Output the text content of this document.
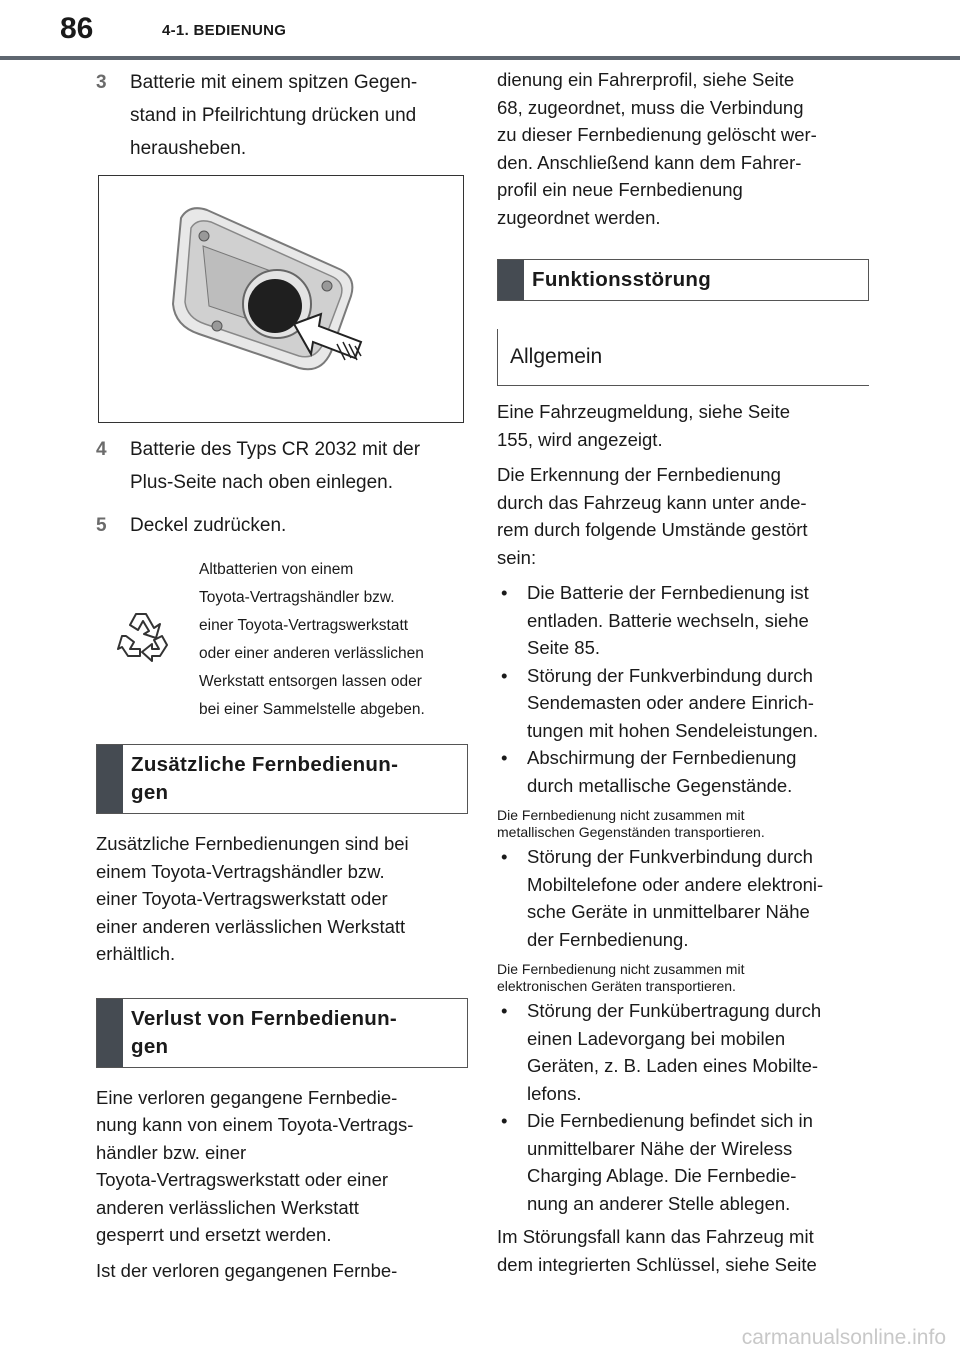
86	4-1. BEDIENUNG
3	Batterie mit einem spitzen Gegen-
stand in Pfeilrichtung drücken und
herausheben.
4	Batterie des Typs CR 2032 mit der
Plus-Seite nach oben einlegen.
5	Deckel zudrücken.
Altbatterien von einem
Toyota-Vertragshändler bzw.
einer Toyota-Vertragswerkstatt
oder einer anderen verlässlichen
Werkstatt entsorgen lassen oder
bei einer Sammelstelle abgeben.
Zusätzliche Fernbedienun-
gen
Zusätzliche Fernbedienungen sind bei
einem Toyota-Vertragshändler bzw.
einer Toyota-Vertragswerkstatt oder
einer anderen verlässlichen Werkstatt
erhältlich.
Verlust von Fernbedienun-
gen
Eine verloren gegangene Fernbedie-
nung kann von einem Toyota-Vertrags-
händler bzw. einer
Toyota-Vertragswerkstatt oder einer
anderen verlässlichen Werkstatt
gesperrt und ersetzt werden.
Ist der verloren gegangenen Fernbe-
dienung ein Fahrerprofil, siehe Seite
68, zugeordnet, muss die Verbindung
zu dieser Fernbedienung gelöscht wer-
den. Anschließend kann dem Fahrer-
profil ein neue Fernbedienung
zugeordnet werden.
Funktionsstörung
Allgemein
Eine Fahrzeugmeldung, siehe Seite
155, wird angezeigt.
Die Erkennung der Fernbedienung
durch das Fahrzeug kann unter ande-
rem durch folgende Umstände gestört
sein:
•	Die Batterie der Fernbedienung ist
entladen. Batterie wechseln, siehe
Seite 85.
•	Störung der Funkverbindung durch
Sendemasten oder andere Einrich-
tungen mit hohen Sendeleistungen.
•	Abschirmung der Fernbedienung
durch metallische Gegenstände.
Die Fernbedienung nicht zusammen mit
metallischen Gegenständen transportieren.
•	Störung der Funkverbindung durch
Mobiltelefone oder andere elektroni-
sche Geräte in unmittelbarer Nähe
der Fernbedienung.
Die Fernbedienung nicht zusammen mit
elektronischen Geräten transportieren.
•	Störung der Funkübertragung durch
einen Ladevorgang bei mobilen
Geräten, z. B. Laden eines Mobilte-
lefons.
•	Die Fernbedienung befindet sich in
unmittelbarer Nähe der Wireless
Charging Ablage. Die Fernbedie-
nung an anderer Stelle ablegen.
Im Störungsfall kann das Fahrzeug mit
dem integrierten Schlüssel, siehe Seite
carmanualsonline.info
